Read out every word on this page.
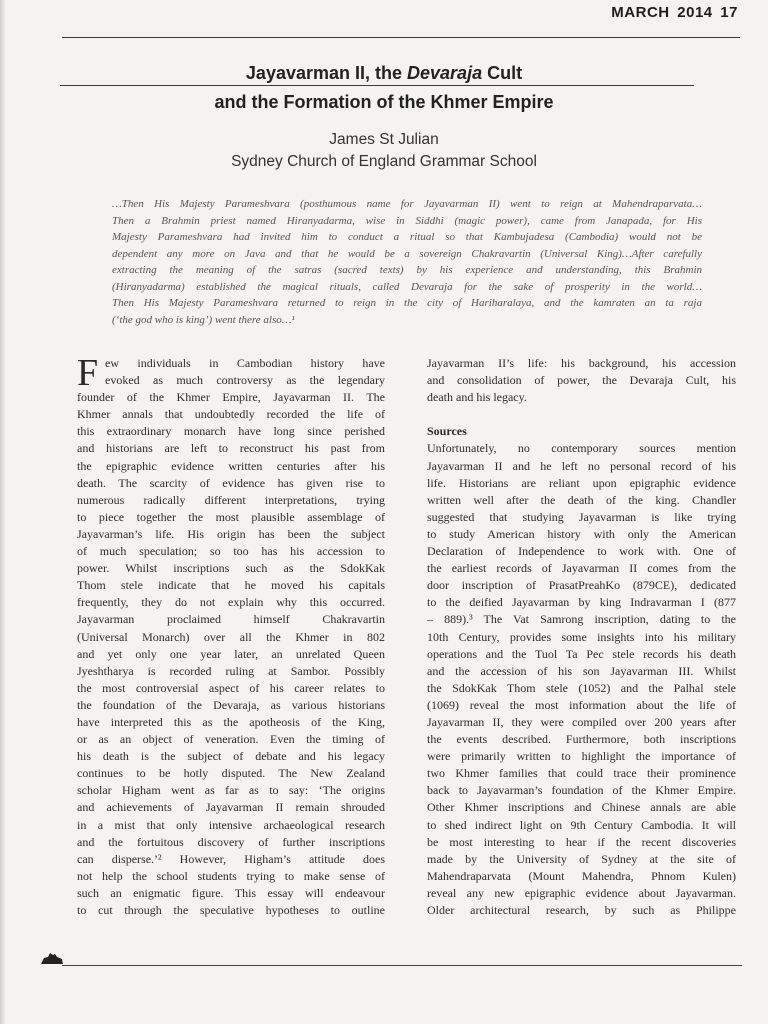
MARCH 2014 17
Jayavarman II, the Devaraja Cult
and the Formation of the Khmer Empire
James St Julian
Sydney Church of England Grammar School

…Then His Majesty Parameshvara (posthumous name for Jayavarman II) went to reign at Mahendraparvata…

Then a Brahmin priest named Hiranyadarma, wise in Siddhi (magic power), came from Janapada, for His

Majesty Parameshvara had invited him to conduct a ritual so that Kambujadesa (Cambodia) would not be

dependent any more on Java and that he would be a sovereign Chakravartin (Universal King)…After carefully

extracting the meaning of the satras (sacred texts) by his experience and understanding, this Brahmin

(Hiranyadarma) established the magical rituals, called Devaraja for the sake of prosperity in the world…

Then His Majesty Parameshvara returned to reign in the city of Hariharalaya, and the kamraten an ta raja

(‘the god who is king’) went there also…¹

F ew individuals in Cambodian history have

evoked as much controversy as the legendary

founder of the Khmer Empire, Jayavarman II. The

Khmer annals that undoubtedly recorded the life of

this extraordinary monarch have long since perished

and historians are left to reconstruct his past from

the epigraphic evidence written centuries after his

death. The scarcity of evidence has given rise to

numerous radically different interpretations, trying

to piece together the most plausible assemblage of

Jayavarman’s life. His origin has been the subject

of much speculation; so too has his accession to

power. Whilst inscriptions such as the SdokKak

Thom stele indicate that he moved his capitals

frequently, they do not explain why this occurred.

Jayavarman proclaimed himself Chakravartin

(Universal Monarch) over all the Khmer in 802

and yet only one year later, an unrelated Queen

Jyeshtharya is recorded ruling at Sambor. Possibly

the most controversial aspect of his career relates to

the foundation of the Devaraja, as various historians

have interpreted this as the apotheosis of the King,

or as an object of veneration. Even the timing of

his death is the subject of debate and his legacy

continues to be hotly disputed. The New Zealand

scholar Higham went as far as to say: ‘The origins

and achievements of Jayavarman II remain shrouded

in a mist that only intensive archaeological research

and the fortuitous discovery of further inscriptions

can disperse.’² However, Higham’s attitude does

not help the school students trying to make sense of

such an enigmatic figure. This essay will endeavour

to cut through the speculative hypotheses to outline

Jayavarman II’s life: his background, his accession

and consolidation of power, the Devaraja Cult, his

death and his legacy.

Sources

Unfortunately, no contemporary sources mention

Jayavarman II and he left no personal record of his

life. Historians are reliant upon epigraphic evidence

written well after the death of the king. Chandler

suggested that studying Jayavarman is like trying

to study American history with only the American

Declaration of Independence to work with. One of

the earliest records of Jayavarman II comes from the

door inscription of PrasatPreahKo (879CE), dedicated

to the deified Jayavarman by king Indravarman I (877

– 889).³ The Vat Samrong inscription, dating to the

10th Century, provides some insights into his military

operations and the Tuol Ta Pec stele records his death

and the accession of his son Jayavarman III. Whilst

the SdokKak Thom stele (1052) and the Palhal stele

(1069) reveal the most information about the life of

Jayavarman II, they were compiled over 200 years after

the events described. Furthermore, both inscriptions

were primarily written to highlight the importance of

two Khmer families that could trace their prominence

back to Jayavarman’s foundation of the Khmer Empire.

Other Khmer inscriptions and Chinese annals are able

to shed indirect light on 9th Century Cambodia. It will

be most interesting to hear if the recent discoveries

made by the University of Sydney at the site of

Mahendraparvata (Mount Mahendra, Phnom Kulen)

reveal any new epigraphic evidence about Jayavarman.

Older architectural research, by such as Philippe
